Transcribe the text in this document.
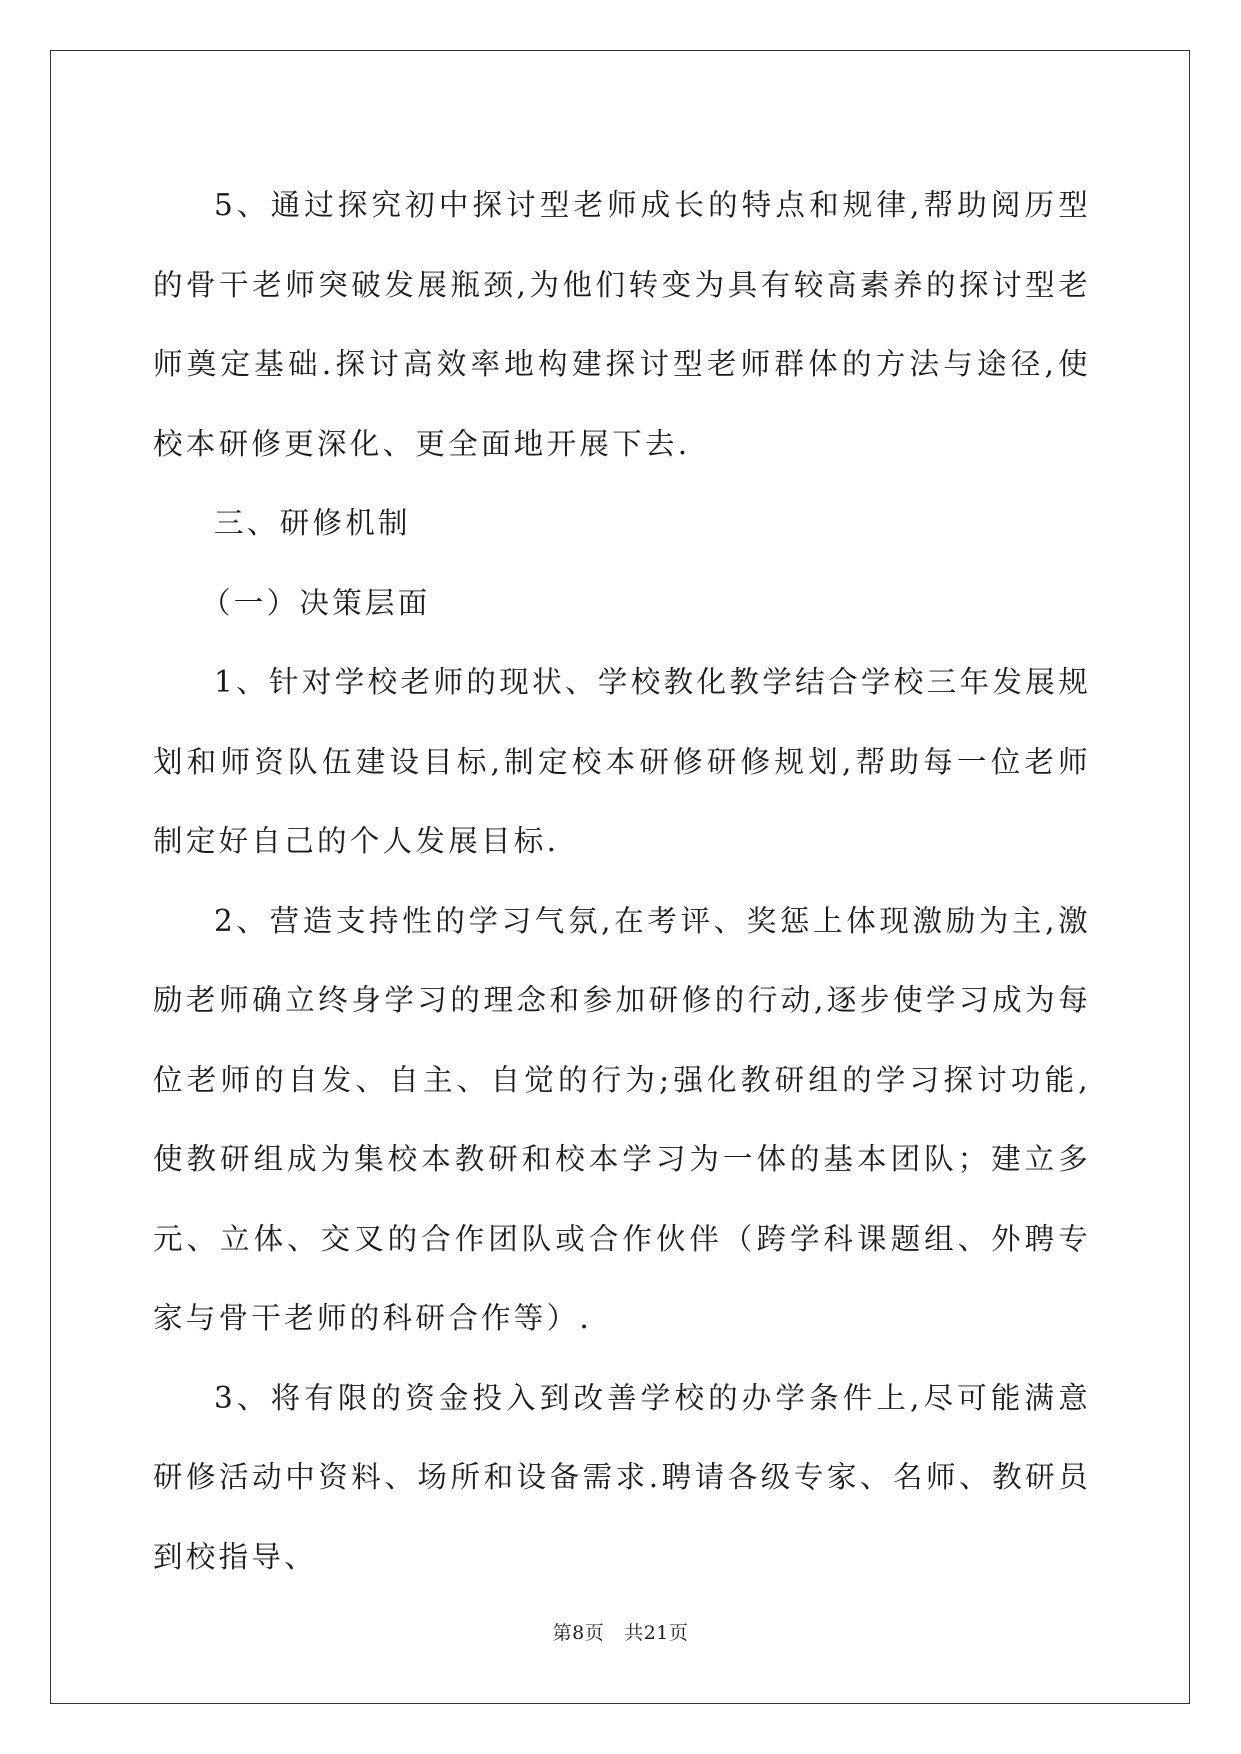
5、通过探究初中探讨型老师成长的特点和规律,帮助阅历型的骨干老师突破发展瓶颈,为他们转变为具有较高素养的探讨型老师奠定基础.探讨高效率地构建探讨型老师群体的方法与途径,使校本研修更深化、更全面地开展下去.

三、研修机制

（一）决策层面

1、针对学校老师的现状、学校教化教学结合学校三年发展规划和师资队伍建设目标,制定校本研修研修规划,帮助每一位老师制定好自己的个人发展目标.

2、营造支持性的学习气氛,在考评、奖惩上体现激励为主,激励老师确立终身学习的理念和参加研修的行动,逐步使学习成为每位老师的自发、自主、自觉的行为;强化教研组的学习探讨功能,使教研组成为集校本教研和校本学习为一体的基本团队；建立多元、立体、交叉的合作团队或合作伙伴（跨学科课题组、外聘专家与骨干老师的科研合作等）.

3、将有限的资金投入到改善学校的办学条件上,尽可能满意研修活动中资料、场所和设备需求.聘请各级专家、名师、教研员到校指导、

第8页 共21页
